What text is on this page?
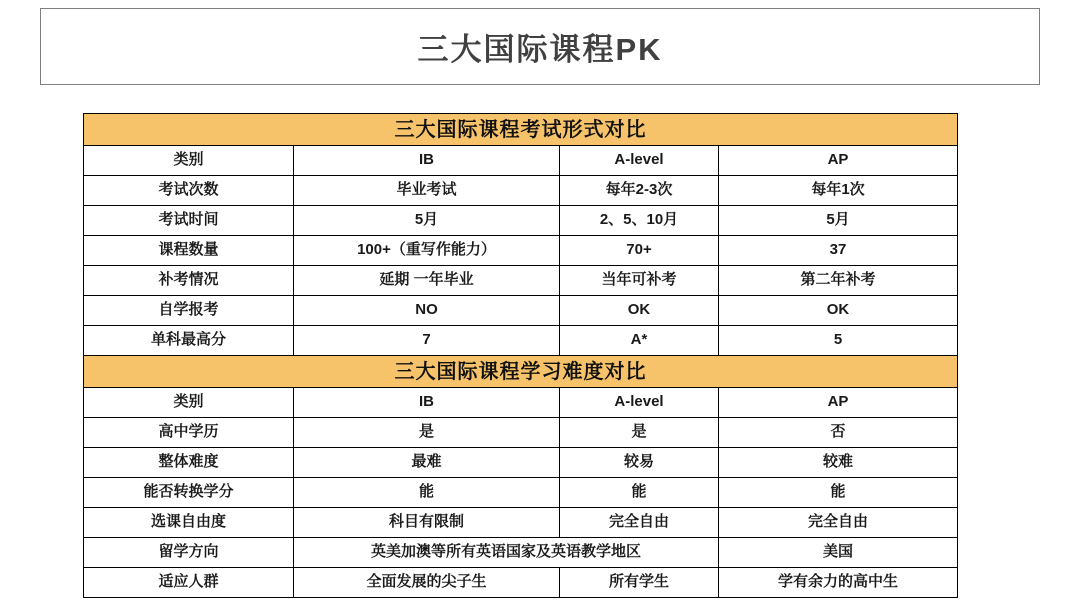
三大国际课程PK
三大国际课程考试形式对比			
类别	IB	A-level	AP
考试次数	毕业考试	每年2-3次	每年1次
考试时间	5月	2、5、10月	5月
课程数量	100+（重写作能力）	70+	37
补考情况	延期 一年毕业	当年可补考	第二年补考
自学报考	NO	OK	OK
单科最高分	7	A*	5
三大国际课程学习难度对比			
类别	IB	A-level	AP
高中学历	是	是	否
整体难度	最难	较易	较难
能否转换学分	能	能	能
选课自由度	科目有限制	完全自由	完全自由
留学方向	英美加澳等所有英语国家及英语教学地区		美国
适应人群	全面发展的尖子生	所有学生	学有余力的高中生
